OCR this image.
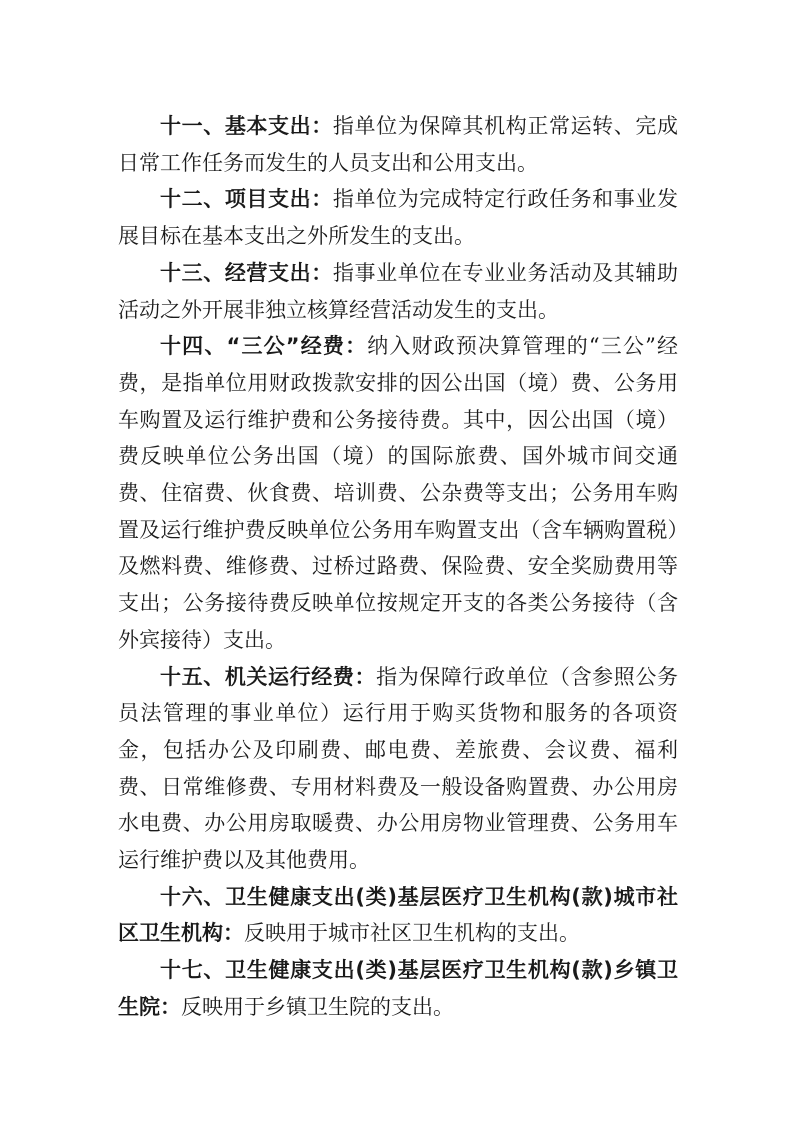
十一、基本支出：指单位为保障其机构正常运转、完成日常工作任务而发生的人员支出和公用支出。

十二、项目支出：指单位为完成特定行政任务和事业发展目标在基本支出之外所发生的支出。

十三、经营支出：指事业单位在专业业务活动及其辅助活动之外开展非独立核算经营活动发生的支出。

十四、“三公”经费：纳入财政预决算管理的“三公”经费，是指单位用财政拨款安排的因公出国（境）费、公务用车购置及运行维护费和公务接待费。其中，因公出国（境）费反映单位公务出国（境）的国际旅费、国外城市间交通费、住宿费、伙食费、培训费、公杂费等支出；公务用车购置及运行维护费反映单位公务用车购置支出（含车辆购置税）及燃料费、维修费、过桥过路费、保险费、安全奖励费用等支出；公务接待费反映单位按规定开支的各类公务接待（含外宾接待）支出。

十五、机关运行经费：指为保障行政单位（含参照公务员法管理的事业单位）运行用于购买货物和服务的各项资金，包括办公及印刷费、邮电费、差旅费、会议费、福利费、日常维修费、专用材料费及一般设备购置费、办公用房水电费、办公用房取暖费、办公用房物业管理费、公务用车运行维护费以及其他费用。

十六、卫生健康支出(类)基层医疗卫生机构(款)城市社区卫生机构：反映用于城市社区卫生机构的支出。

十七、卫生健康支出(类)基层医疗卫生机构(款)乡镇卫生院：反映用于乡镇卫生院的支出。
